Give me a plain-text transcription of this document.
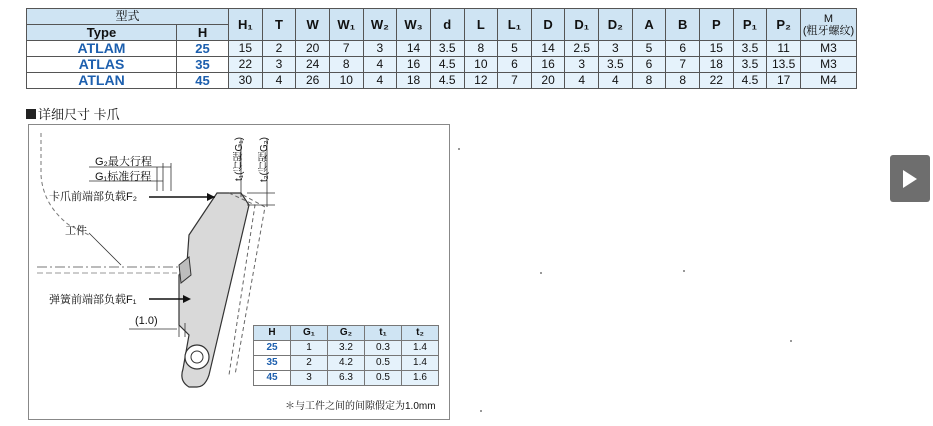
型式		H₁	T	W	W₁	W₂	W₃	d	L	L₁	D	D₁	D₂	A	B	P	P₁	P₂	M
(粗牙螺纹)

Type	H																		
ATLAM	25	15	2	20	7	3	14	3.5	8	5	14	2.5	3	5	6	15	3.5	11	M3
ATLAS	35	22	3	24	8	4	16	4.5	10	6	16	3	3.5	6	7	18	3.5	13.5	M3
ATLAN	45	30	4	26	10	4	18	4.5	12	7	20	4	4	8	8	22	4.5	17	M4
详细尺寸 卡爪
G₂最大行程
G₁标准行程
卡爪前端部负载F₂
工件
弹簧前端部负载F₁
(1.0)
t₁(行程G₁) t₂(行程G₂)
H	G₁	G₂	t₁	t₂
25	1	3.2	0.3	1.4
35	2	4.2	0.5	1.4
45	3	6.3	0.5	1.6
＊与工件之间的间隙假定为1.0mm
